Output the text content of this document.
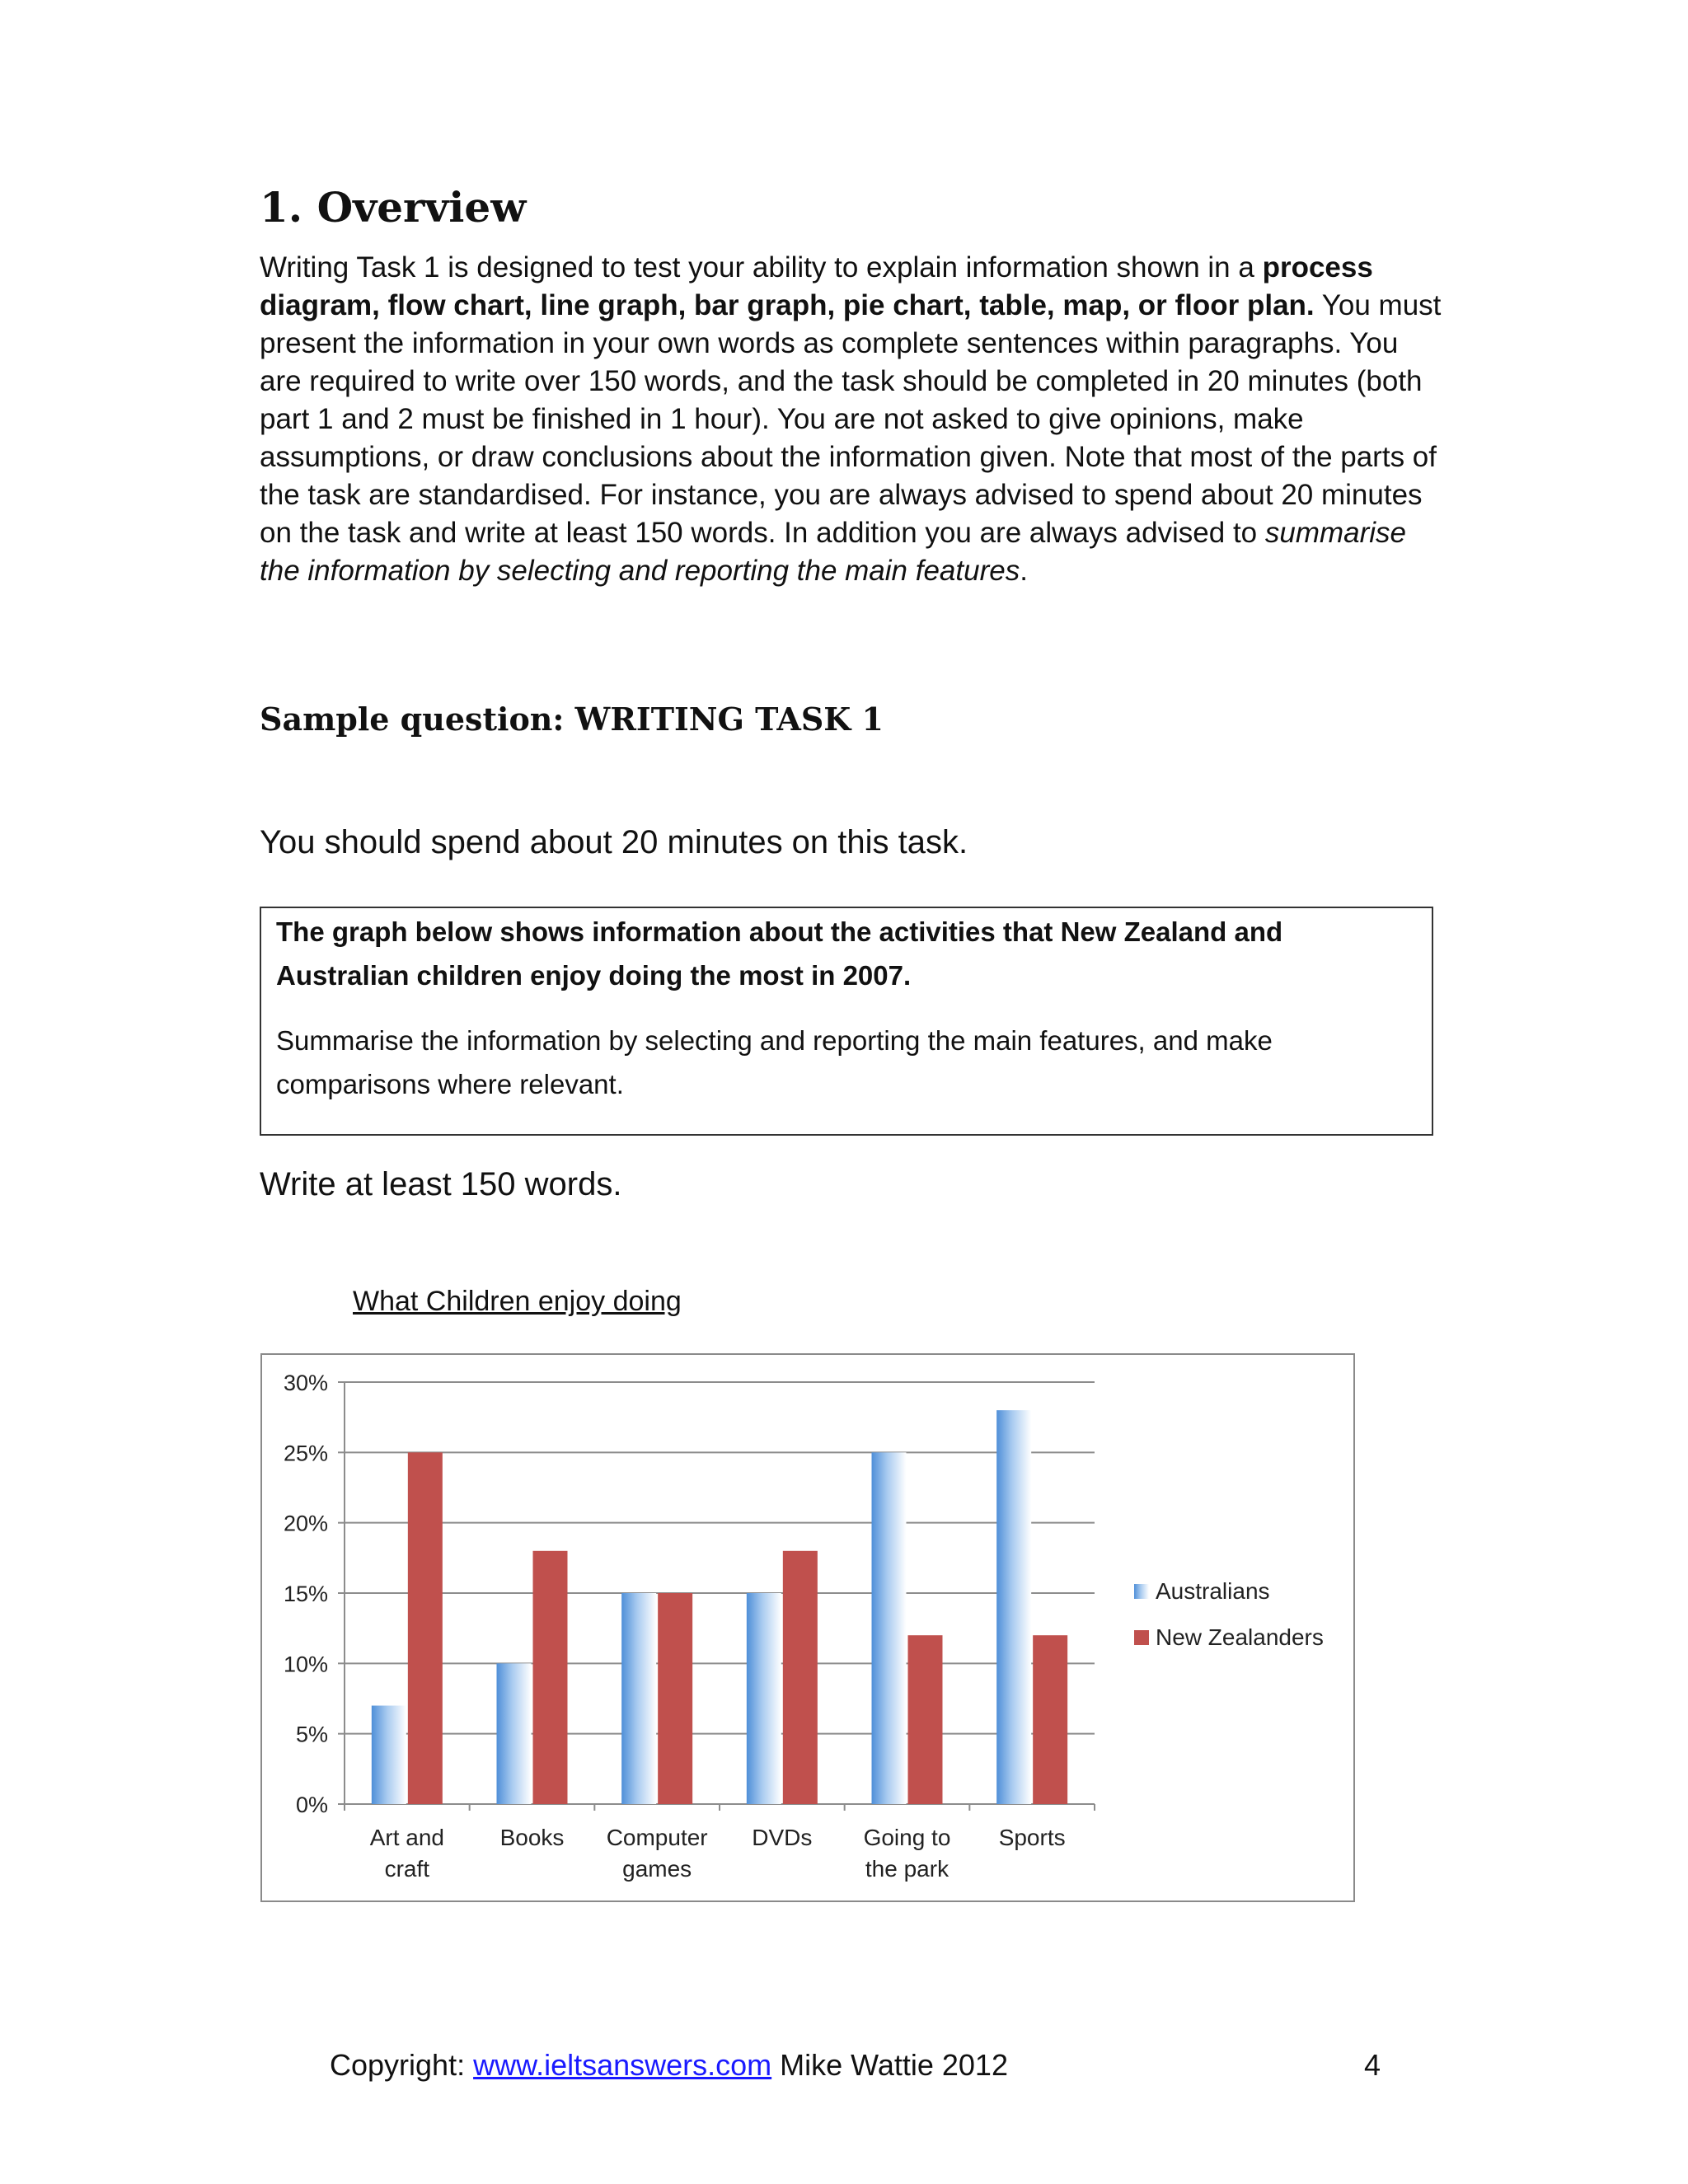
1. Overview

Writing Task 1 is designed to test your ability to explain information shown in a process diagram, flow chart, line graph, bar graph, pie chart, table, map, or floor plan. You must present the information in your own words as complete sentences within paragraphs. You are required to write over 150 words, and the task should be completed in 20 minutes (both part 1 and 2 must be finished in 1 hour). You are not asked to give opinions, make assumptions, or draw conclusions about the information given. Note that most of the parts of the task are standardised. For instance, you are always advised to spend about 20 minutes on the task and write at least 150 words. In addition you are always advised to summarise the information by selecting and reporting the main features.

Sample question: WRITING TASK 1

You should spend about 20 minutes on this task.

The graph below shows information about the activities that New Zealand and Australian children enjoy doing the most in 2007.

Summarise the information by selecting and reporting the main features, and make comparisons where relevant.

Write at least 150 words.

What Children enjoy doing

0%
5%
10%
15%
20%
25%
30%
Art and
craft
Books Computer
games
DVDs Going to
the park
Sports
Australians
New Zealanders
Copyright: www.ieltsanswers.com Mike Wattie 2012	4
